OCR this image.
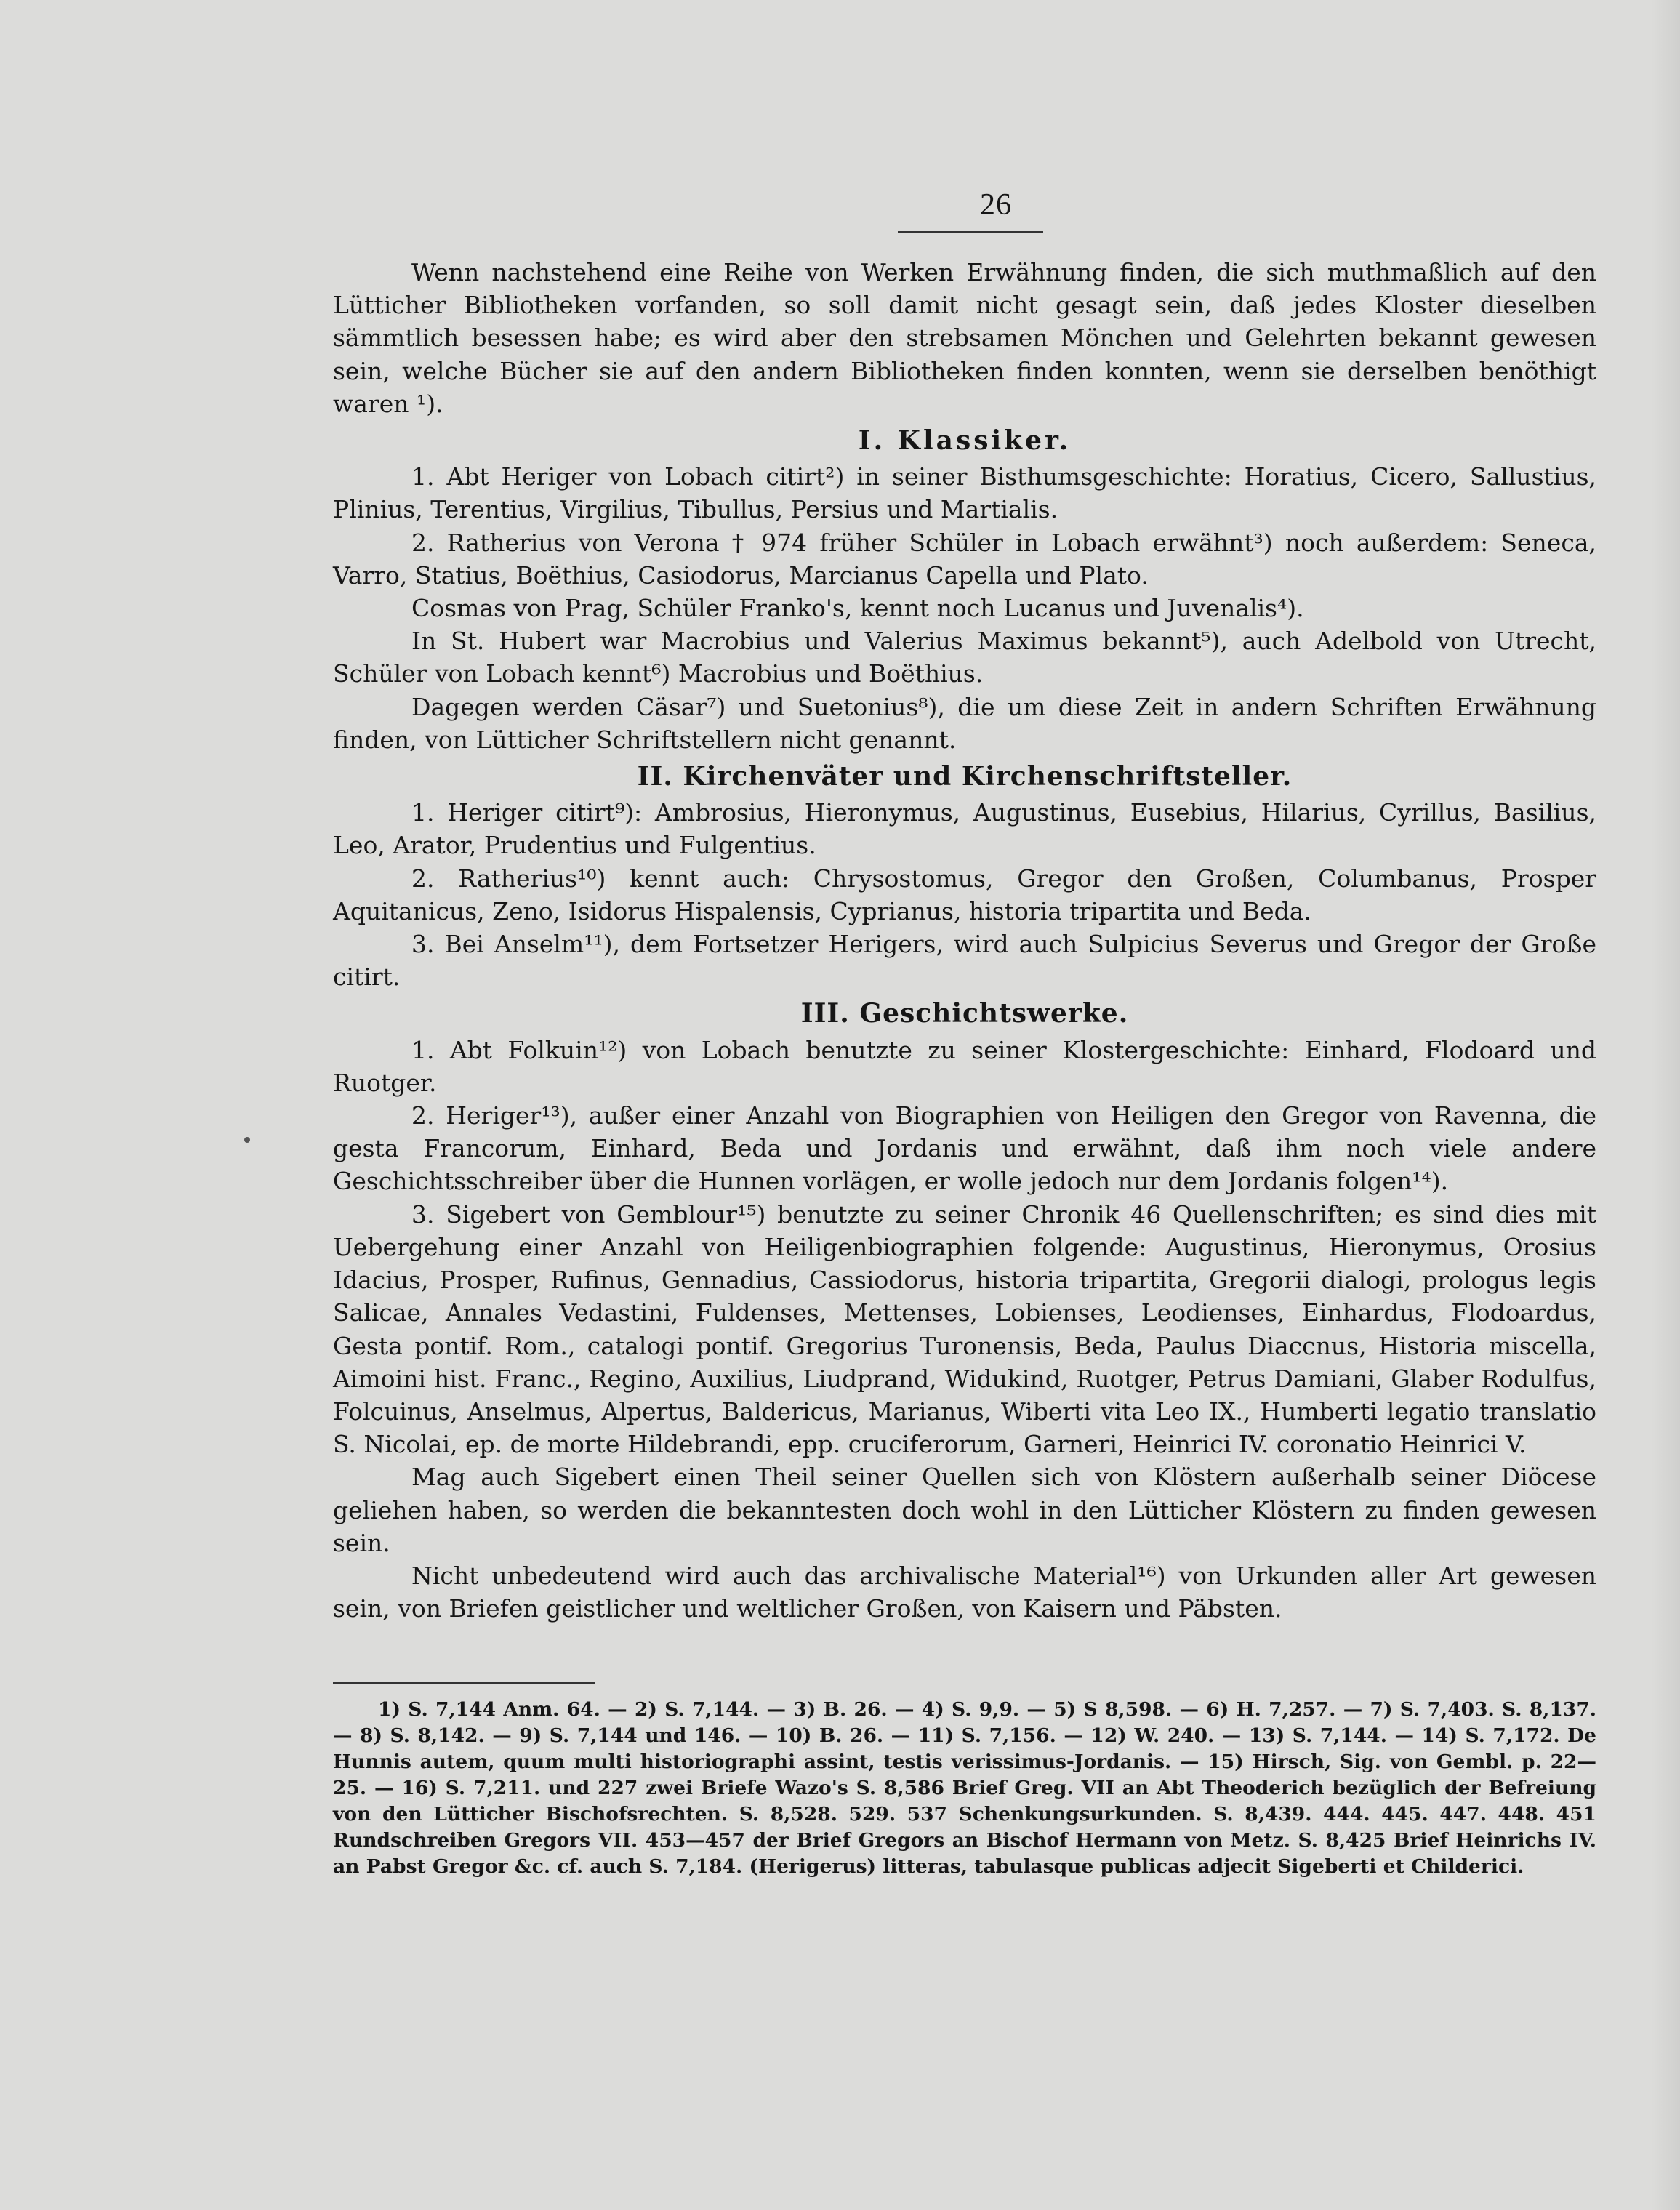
26

Wenn nachstehend eine Reihe von Werken Erwähnung finden, die sich muthmaßlich auf den Lütticher Bibliotheken vorfanden, so soll damit nicht gesagt sein, daß jedes Kloster dieselben sämmtlich besessen habe; es wird aber den strebsamen Mönchen und Gelehrten bekannt gewesen sein, welche Bücher sie auf den andern Bibliotheken finden konnten, wenn sie derselben benöthigt waren ¹).

I. Klassiker.

1. Abt Heriger von Lobach citirt²) in seiner Bisthumsgeschichte: Horatius, Cicero, Sallustius, Plinius, Terentius, Virgilius, Tibullus, Persius und Martialis.

2. Ratherius von Verona † 974 früher Schüler in Lobach erwähnt³) noch außerdem: Seneca, Varro, Statius, Boëthius, Casiodorus, Marcianus Capella und Plato.

Cosmas von Prag, Schüler Franko's, kennt noch Lucanus und Juvenalis⁴).

In St. Hubert war Macrobius und Valerius Maximus bekannt⁵), auch Adelbold von Utrecht, Schüler von Lobach kennt⁶) Macrobius und Boëthius.

Dagegen werden Cäsar⁷) und Suetonius⁸), die um diese Zeit in andern Schriften Erwähnung finden, von Lütticher Schriftstellern nicht genannt.

II. Kirchenväter und Kirchenschriftsteller.

1. Heriger citirt⁹): Ambrosius, Hieronymus, Augustinus, Eusebius, Hilarius, Cyrillus, Basilius, Leo, Arator, Prudentius und Fulgentius.

2. Ratherius¹⁰) kennt auch: Chrysostomus, Gregor den Großen, Columbanus, Prosper Aquitanicus, Zeno, Isidorus Hispalensis, Cyprianus, historia tripartita und Beda.

3. Bei Anselm¹¹), dem Fortsetzer Herigers, wird auch Sulpicius Severus und Gregor der Große citirt.

III. Geschichtswerke.

1. Abt Folkuin¹²) von Lobach benutzte zu seiner Klostergeschichte: Einhard, Flodoard und Ruotger.

2. Heriger¹³), außer einer Anzahl von Biographien von Heiligen den Gregor von Ravenna, die gesta Francorum, Einhard, Beda und Jordanis und erwähnt, daß ihm noch viele andere Geschichtsschreiber über die Hunnen vorlägen, er wolle jedoch nur dem Jordanis folgen¹⁴).

3. Sigebert von Gemblour¹⁵) benutzte zu seiner Chronik 46 Quellenschriften; es sind dies mit Uebergehung einer Anzahl von Heiligenbiographien folgende: Augustinus, Hieronymus, Orosius Idacius, Prosper, Rufinus, Gennadius, Cassiodorus, historia tripartita, Gregorii dialogi, prologus legis Salicae, Annales Vedastini, Fuldenses, Mettenses, Lobienses, Leodienses, Einhardus, Flodoardus, Gesta pontif. Rom., catalogi pontif. Gregorius Turonensis, Beda, Paulus Diaccnus, Historia miscella, Aimoini hist. Franc., Regino, Auxilius, Liudprand, Widukind, Ruotger, Petrus Damiani, Glaber Rodulfus, Folcuinus, Anselmus, Alpertus, Baldericus, Marianus, Wiberti vita Leo IX., Humberti legatio translatio S. Nicolai, ep. de morte Hildebrandi, epp. cruciferorum, Garneri, Heinrici IV. coronatio Heinrici V.

Mag auch Sigebert einen Theil seiner Quellen sich von Klöstern außerhalb seiner Diöcese geliehen haben, so werden die bekanntesten doch wohl in den Lütticher Klöstern zu finden gewesen sein.

Nicht unbedeutend wird auch das archivalische Material¹⁶) von Urkunden aller Art gewesen sein, von Briefen geistlicher und weltlicher Großen, von Kaisern und Päbsten.

1) S. 7,144 Anm. 64. — 2) S. 7,144. — 3) B. 26. — 4) S. 9,9. — 5) S 8,598. — 6) H. 7,257. — 7) S. 7,403. S. 8,137. — 8) S. 8,142. — 9) S. 7,144 und 146. — 10) B. 26. — 11) S. 7,156. — 12) W. 240. — 13) S. 7,144. — 14) S. 7,172. De Hunnis autem, quum multi historiographi assint, testis verissimus-Jordanis. — 15) Hirsch, Sig. von Gembl. p. 22—25. — 16) S. 7,211. und 227 zwei Briefe Wazo's S. 8,586 Brief Greg. VII an Abt Theoderich bezüglich der Befreiung von den Lütticher Bischofsrechten. S. 8,528. 529. 537 Schenkungsurkunden. S. 8,439. 444. 445. 447. 448. 451 Rundschreiben Gregors VII. 453—457 der Brief Gregors an Bischof Hermann von Metz. S. 8,425 Brief Heinrichs IV. an Pabst Gregor &c. cf. auch S. 7,184. (Herigerus) litteras, tabulasque publicas adjecit Sigeberti et Childerici.
